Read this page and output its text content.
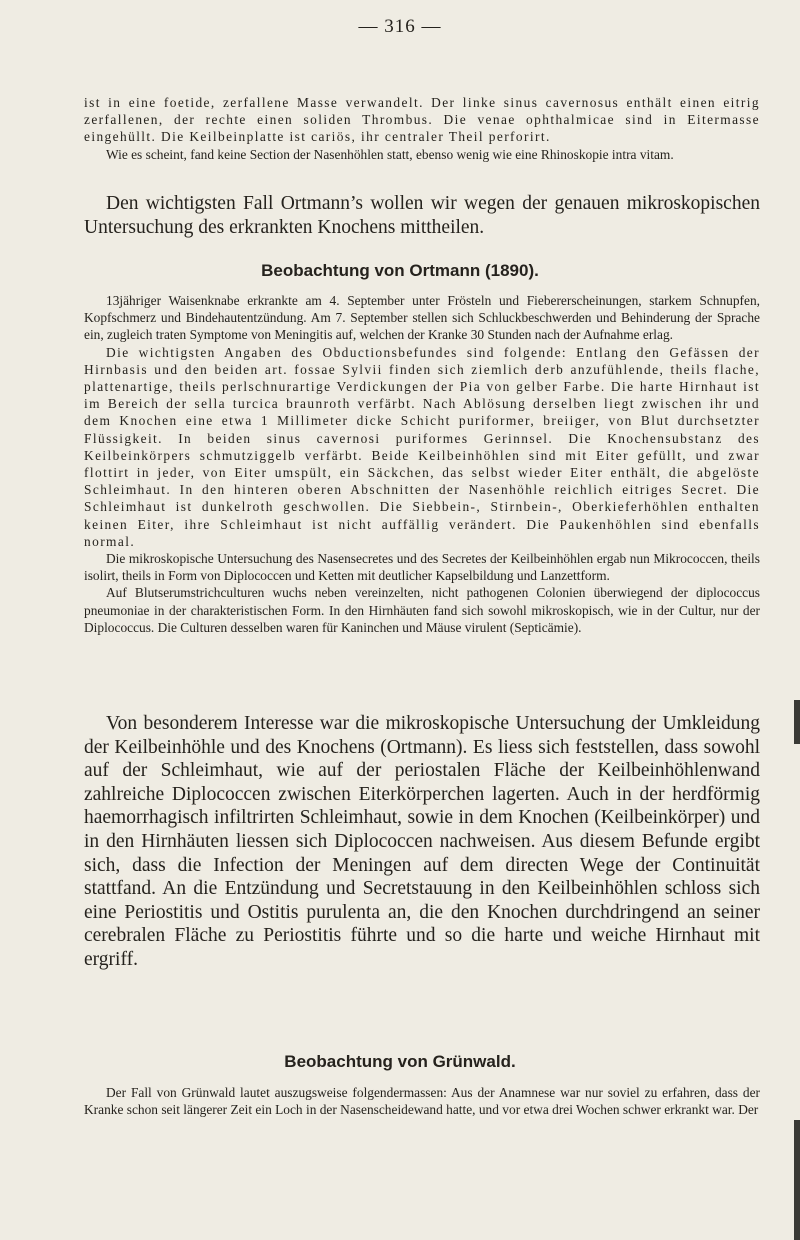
— 316 —

ist in eine foetide, zerfallene Masse verwandelt. Der linke sinus cavernosus enthält einen eitrig zerfallenen, der rechte einen soliden Thrombus. Die venae ophthalmicae sind in Eitermasse eingehüllt. Die Keilbeinplatte ist cariös, ihr centraler Theil perforirt.

Wie es scheint, fand keine Section der Nasenhöhlen statt, ebenso wenig wie eine Rhinoskopie intra vitam.

Den wichtigsten Fall Ortmann’s wollen wir wegen der genauen mikroskopischen Untersuchung des erkrankten Knochens mittheilen.

Beobachtung von Ortmann (1890).

13jähriger Waisenknabe erkrankte am 4. September unter Frösteln und Fiebererscheinungen, starkem Schnupfen, Kopfschmerz und Bindehautentzündung. Am 7. September stellen sich Schluckbeschwerden und Behinderung der Sprache ein, zugleich traten Symptome von Meningitis auf, welchen der Kranke 30 Stunden nach der Aufnahme erlag.

Die wichtigsten Angaben des Obductionsbefundes sind folgende: Entlang den Gefässen der Hirnbasis und den beiden art. fossae Sylvii finden sich ziemlich derb anzufühlende, theils flache, plattenartige, theils perlschnurartige Verdickungen der Pia von gelber Farbe. Die harte Hirnhaut ist im Bereich der sella turcica braunroth verfärbt. Nach Ablösung derselben liegt zwischen ihr und dem Knochen eine etwa 1 Millimeter dicke Schicht puriformer, breiiger, von Blut durchsetzter Flüssigkeit. In beiden sinus cavernosi puriformes Gerinnsel. Die Knochensubstanz des Keilbeinkörpers schmutziggelb verfärbt. Beide Keilbeinhöhlen sind mit Eiter gefüllt, und zwar flottirt in jeder, von Eiter umspült, ein Säckchen, das selbst wieder Eiter enthält, die abgelöste Schleimhaut. In den hinteren oberen Abschnitten der Nasenhöhle reichlich eitriges Secret. Die Schleimhaut ist dunkelroth geschwollen. Die Siebbein-, Stirnbein-, Oberkieferhöhlen enthalten keinen Eiter, ihre Schleimhaut ist nicht auffällig verändert. Die Paukenhöhlen sind ebenfalls normal.

Die mikroskopische Untersuchung des Nasensecretes und des Secretes der Keilbeinhöhlen ergab nun Mikrococcen, theils isolirt, theils in Form von Diplococcen und Ketten mit deutlicher Kapselbildung und Lanzettform.

Auf Blutserumstrichculturen wuchs neben vereinzelten, nicht pathogenen Colonien überwiegend der diplococcus pneumoniae in der charakteristischen Form. In den Hirnhäuten fand sich sowohl mikroskopisch, wie in der Cultur, nur der Diplococcus. Die Culturen desselben waren für Kaninchen und Mäuse virulent (Septicämie).

Von besonderem Interesse war die mikroskopische Untersuchung der Umkleidung der Keilbeinhöhle und des Knochens (Ortmann). Es liess sich feststellen, dass sowohl auf der Schleimhaut, wie auf der periostalen Fläche der Keilbeinhöhlenwand zahlreiche Diplococcen zwischen Eiterkörperchen lagerten. Auch in der herdförmig haemorrhagisch infiltrirten Schleimhaut, sowie in dem Knochen (Keilbeinkörper) und in den Hirnhäuten liessen sich Diplococcen nachweisen. Aus diesem Befunde ergibt sich, dass die Infection der Meningen auf dem directen Wege der Continuität stattfand. An die Entzündung und Secretstauung in den Keilbeinhöhlen schloss sich eine Periostitis und Ostitis purulenta an, die den Knochen durchdringend an seiner cerebralen Fläche zu Periostitis führte und so die harte und weiche Hirnhaut mit ergriff.

Beobachtung von Grünwald.

Der Fall von Grünwald lautet auszugsweise folgendermassen: Aus der Anamnese war nur soviel zu erfahren, dass der Kranke schon seit längerer Zeit ein Loch in der Nasenscheidewand hatte, und vor etwa drei Wochen schwer erkrankt war. Der
